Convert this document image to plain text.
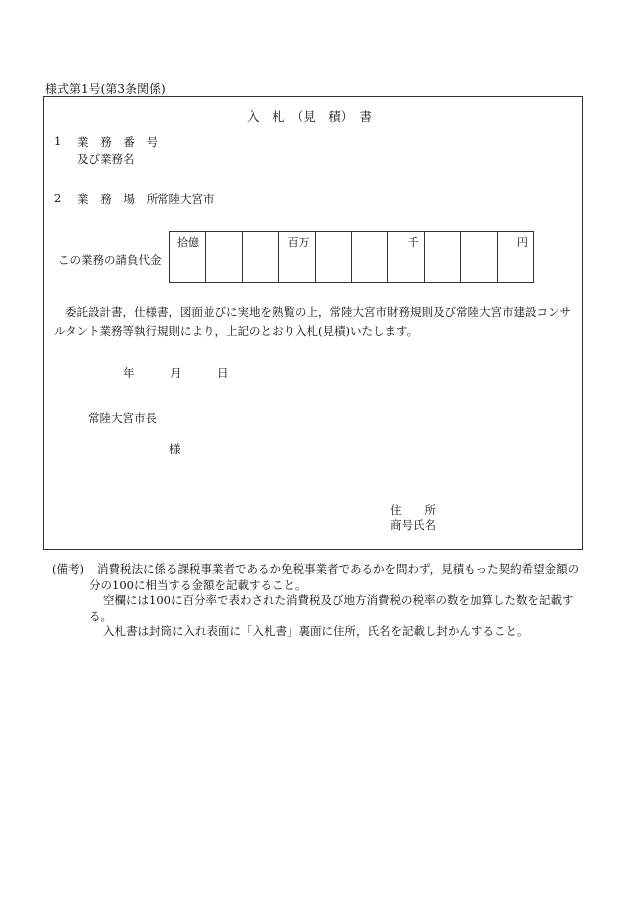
様式第1号(第3条関係)
入　札　（見　積）　書
1 業 務 番 号
及び業務名
2 業 務 場 所
常陸大宮市
この業務の請負代金
拾億			百万			千			円
委託設計書，仕様書，図面並びに実地を熟覧の上，常陸大宮市財務規則及び常陸大宮市建設コンサルタント業務等執行規則により，上記のとおり入札(見積)いたします。
年	月	日
常陸大宮市長
様
住　　所
商号氏名
(備考)	消費税法に係る課税事業者であるか免税事業者であるかを問わず，見積もった契約希望金額の　　　分の100に相当する金額を記載すること。
空欄には100に百分率で表わされた消費税及び地方消費税の税率の数を加算した数を記載する。
入札書は封筒に入れ表面に「入札書」裏面に住所，氏名を記載し封かんすること。
